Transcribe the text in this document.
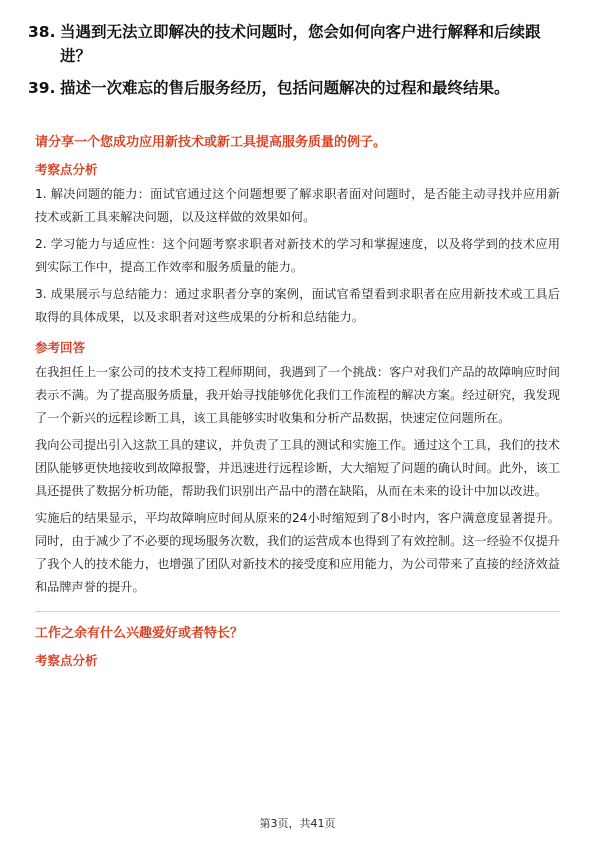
38. 当遇到无法立即解决的技术问题时，您会如何向客户进行解释和后续跟进？
39. 描述一次难忘的售后服务经历，包括问题解决的过程和最终结果。
请分享一个您成功应用新技术或新工具提高服务质量的例子。
考察点分析

1. 解决问题的能力：面试官通过这个问题想要了解求职者面对问题时，是否能主动寻找并应用新技术或新工具来解决问题，以及这样做的效果如何。

2. 学习能力与适应性：这个问题考察求职者对新技术的学习和掌握速度，以及将学到的技术应用到实际工作中，提高工作效率和服务质量的能力。

3. 成果展示与总结能力：通过求职者分享的案例，面试官希望看到求职者在应用新技术或工具后取得的具体成果，以及求职者对这些成果的分析和总结能力。

参考回答

在我担任上一家公司的技术支持工程师期间，我遇到了一个挑战：客户对我们产品的故障响应时间表示不满。为了提高服务质量，我开始寻找能够优化我们工作流程的解决方案。经过研究，我发现了一个新兴的远程诊断工具，该工具能够实时收集和分析产品数据，快速定位问题所在。

我向公司提出引入这款工具的建议，并负责了工具的测试和实施工作。通过这个工具，我们的技术团队能够更快地接收到故障报警，并迅速进行远程诊断，大大缩短了问题的确认时间。此外，该工具还提供了数据分析功能，帮助我们识别出产品中的潜在缺陷，从而在未来的设计中加以改进。

实施后的结果显示，平均故障响应时间从原来的24小时缩短到了8小时内，客户满意度显著提升。同时，由于减少了不必要的现场服务次数，我们的运营成本也得到了有效控制。这一经验不仅提升了我个人的技术能力，也增强了团队对新技术的接受度和应用能力，为公司带来了直接的经济效益和品牌声誉的提升。

工作之余有什么兴趣爱好或者特长？
考察点分析
第3页，共41页
